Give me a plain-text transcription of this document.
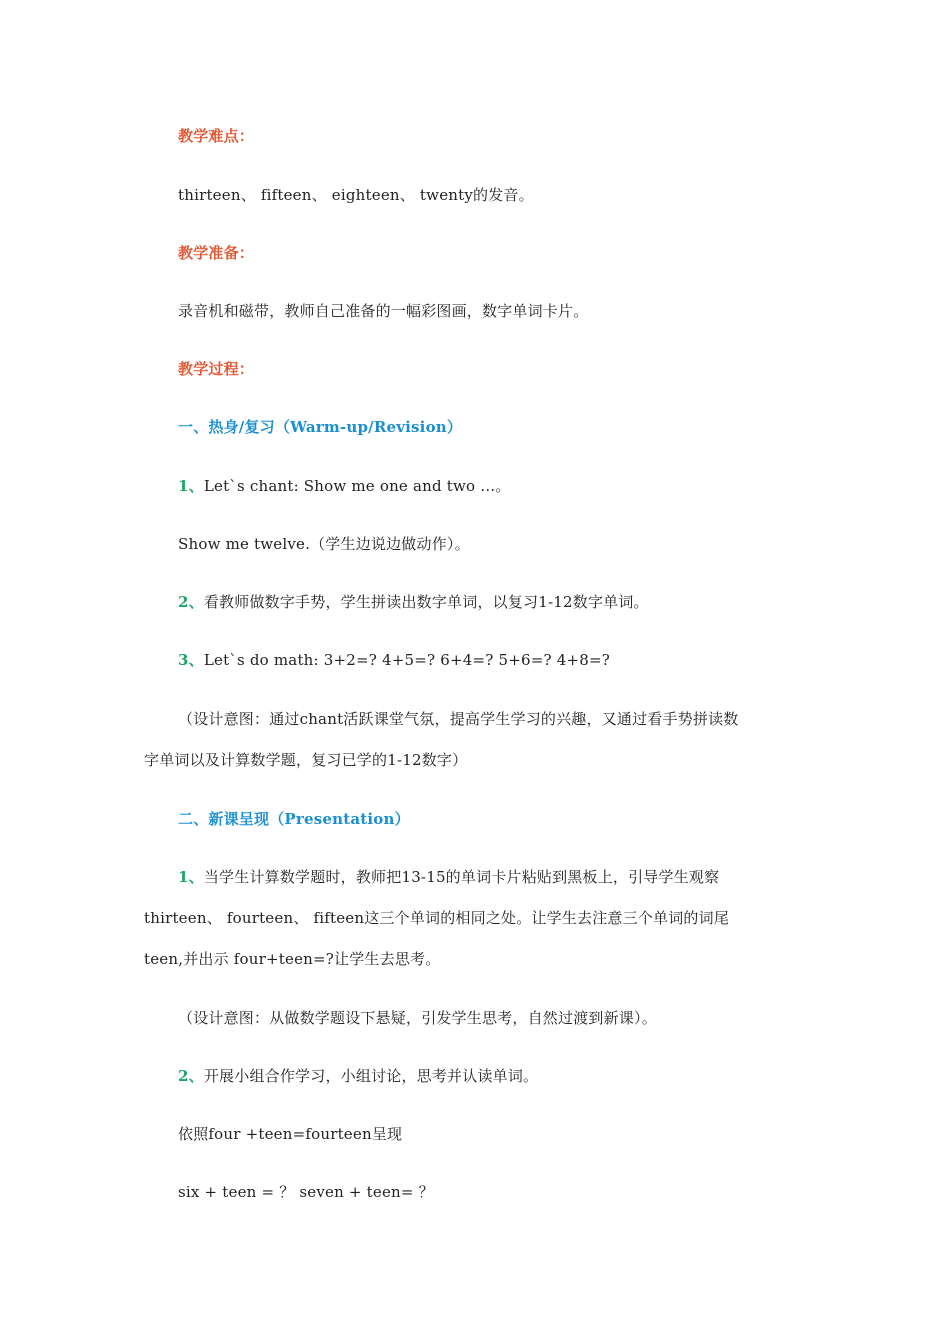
教学难点：
thirteen、 fifteen、 eighteen、 twenty的发音。
教学准备：
录音机和磁带，教师自己准备的一幅彩图画，数字单词卡片。
教学过程：
一、热身/复习（Warm-up/Revision）
1、Let`s chant: Show me one and two …。
Show me twelve.（学生边说边做动作）。
2、看教师做数字手势，学生拼读出数字单词，以复习1-12数字单词。
3、Let`s do math: 3+2=? 4+5=? 6+4=? 5+6=? 4+8=?
（设计意图：通过chant活跃课堂气氛，提高学生学习的兴趣，又通过看手势拼读数
字单词以及计算数学题，复习已学的1-12数字）
二、新课呈现（Presentation）
1、当学生计算数学题时，教师把13-15的单词卡片粘贴到黑板上，引导学生观察
thirteen、 fourteen、 fifteen这三个单词的相同之处。让学生去注意三个单词的词尾
teen,并出示 four+teen=?让学生去思考。
（设计意图：从做数学题设下悬疑，引发学生思考，自然过渡到新课）。
2、开展小组合作学习，小组讨论，思考并认读单词。
依照four +teen=fourteen呈现
six + teen = ？ seven + teen= ？
